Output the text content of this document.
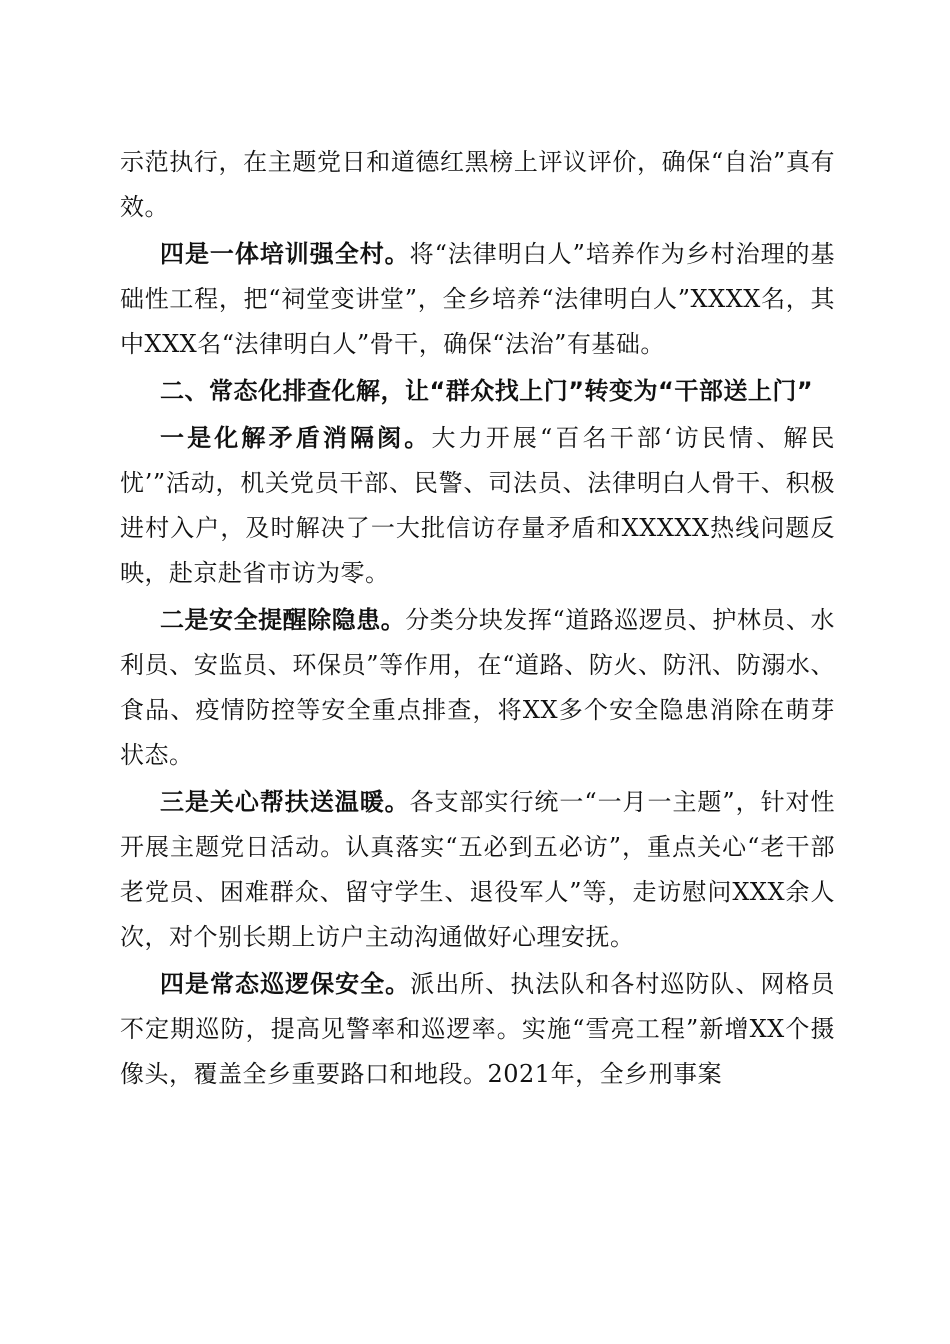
示范执行，在主题党日和道德红黑榜上评议评价，确保“自治”真有效。

四是一体培训强全村。将“法律明白人”培养作为乡村治理的基础性工程，把“祠堂变讲堂”，全乡培养“法律明白人”XXXX名，其中XXX名“法律明白人”骨干，确保“法治”有基础。

二、常态化排查化解，让“群众找上门”转变为“干部送上门”

一是化解矛盾消隔阂。大力开展“百名干部‘访民情、解民忧’”活动，机关党员干部、民警、司法员、法律明白人骨干、积极进村入户，及时解决了一大批信访存量矛盾和XXXXX热线问题反映，赴京赴省市访为零。

二是安全提醒除隐患。分类分块发挥“道路巡逻员、护林员、水利员、安监员、环保员”等作用，在“道路、防火、防汛、防溺水、食品、疫情防控等安全重点排查，将XX多个安全隐患消除在萌芽状态。

三是关心帮扶送温暖。各支部实行统一“一月一主题”，针对性开展主题党日活动。认真落实“五必到五必访”，重点关心“老干部老党员、困难群众、留守学生、退役军人”等，走访慰问XXX余人次，对个别长期上访户主动沟通做好心理安抚。

四是常态巡逻保安全。派出所、执法队和各村巡防队、网格员不定期巡防，提高见警率和巡逻率。实施“雪亮工程”新增XX个摄像头，覆盖全乡重要路口和地段。2021年，全乡刑事案
